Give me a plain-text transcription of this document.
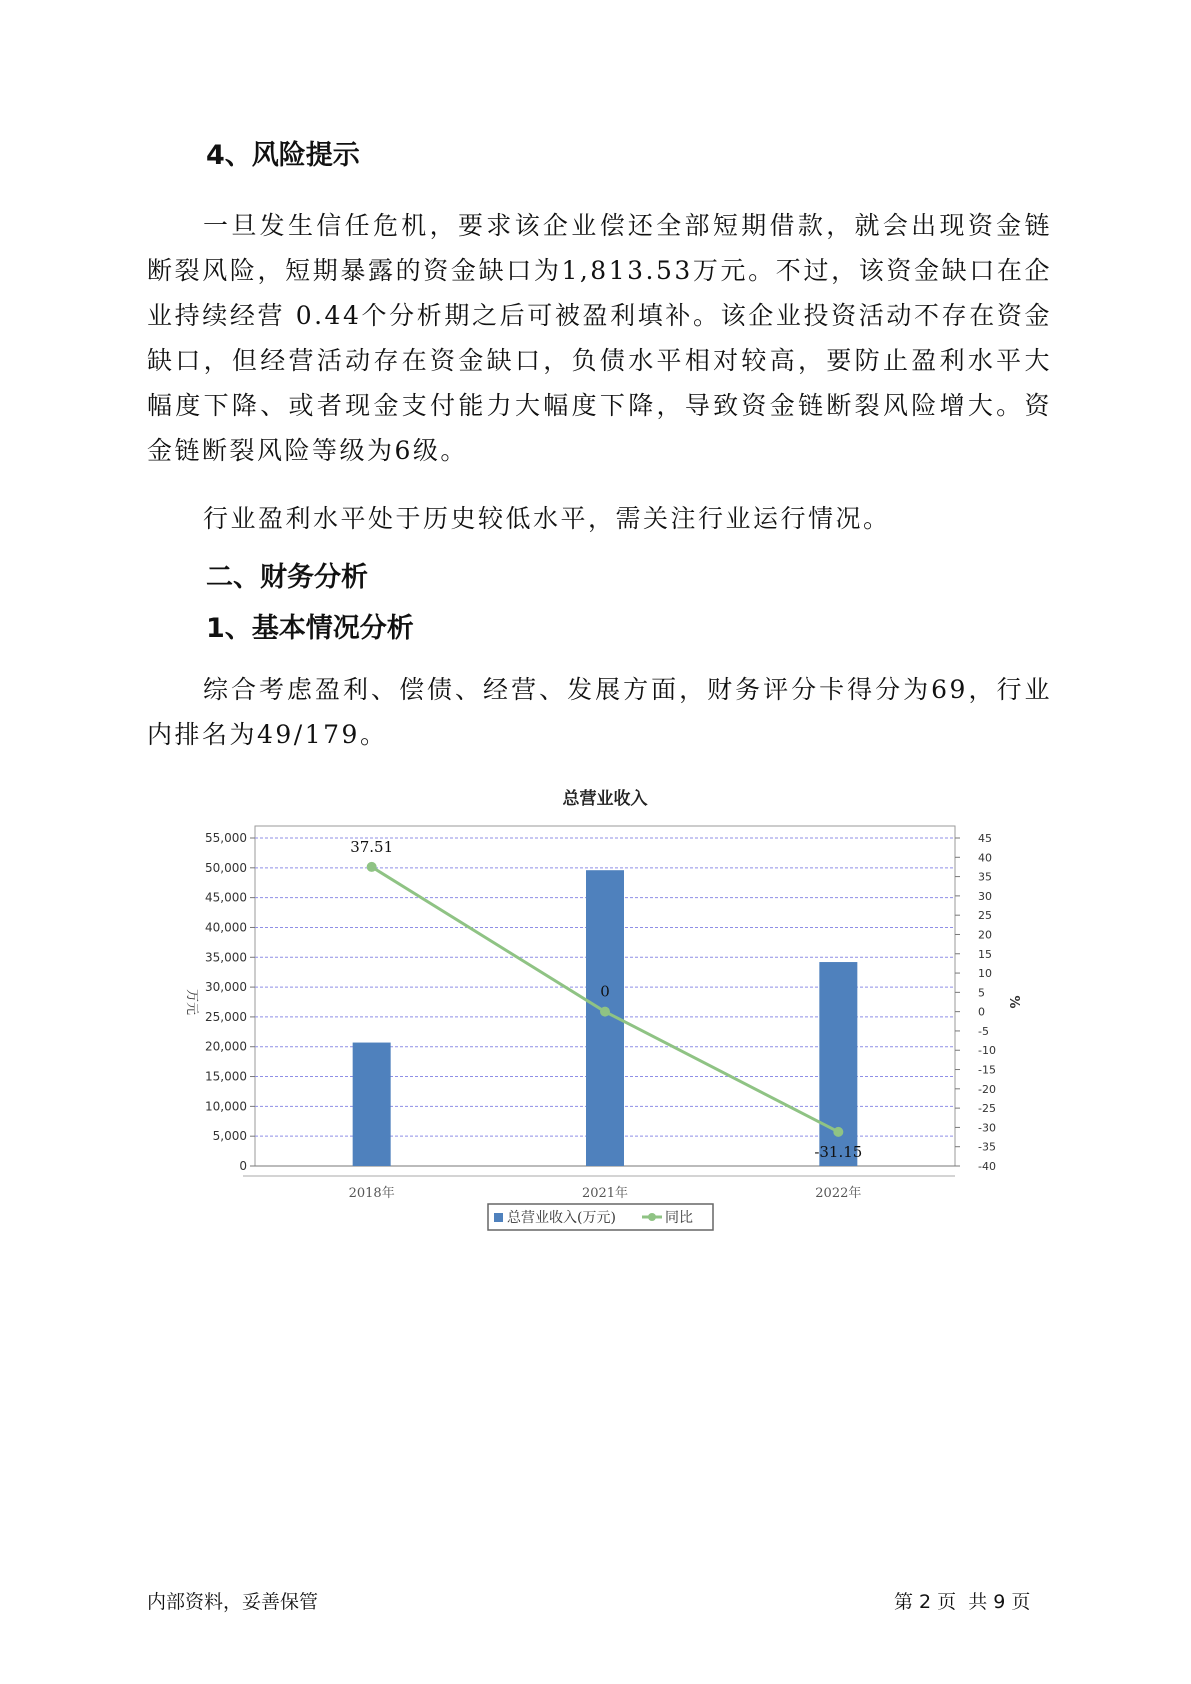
4、风险提示

一旦发生信任危机，要求该企业偿还全部短期借款，就会出现资金链断裂风险，短期暴露的资金缺口为1,813.53万元。不过，该资金缺口在企业持续经营 0.44个分析期之后可被盈利填补。该企业投资活动不存在资金缺口，但经营活动存在资金缺口，负债水平相对较高，要防止盈利水平大幅度下降、或者现金支付能力大幅度下降，导致资金链断裂风险增大。资金链断裂风险等级为6级。

行业盈利水平处于历史较低水平，需关注行业运行情况。

二、财务分析
1、基本情况分析

综合考虑盈利、偿债、经营、发展方面，财务评分卡得分为69，行业内排名为49/179。

总营业收入
0
5,000
10,000
15,000
20,000
25,000
30,000
35,000
40,000
45,000
50,000
55,000
-40
-35
-30
-25
-20
-15
-10
-5
0
5
10
15
20
25
30
35
40
45
万元	%
2018年	2021年	2022年
37.51
0
-31.15
总营业收入(万元)	同比
内部资料，妥善保管	第 2 页  共 9 页
